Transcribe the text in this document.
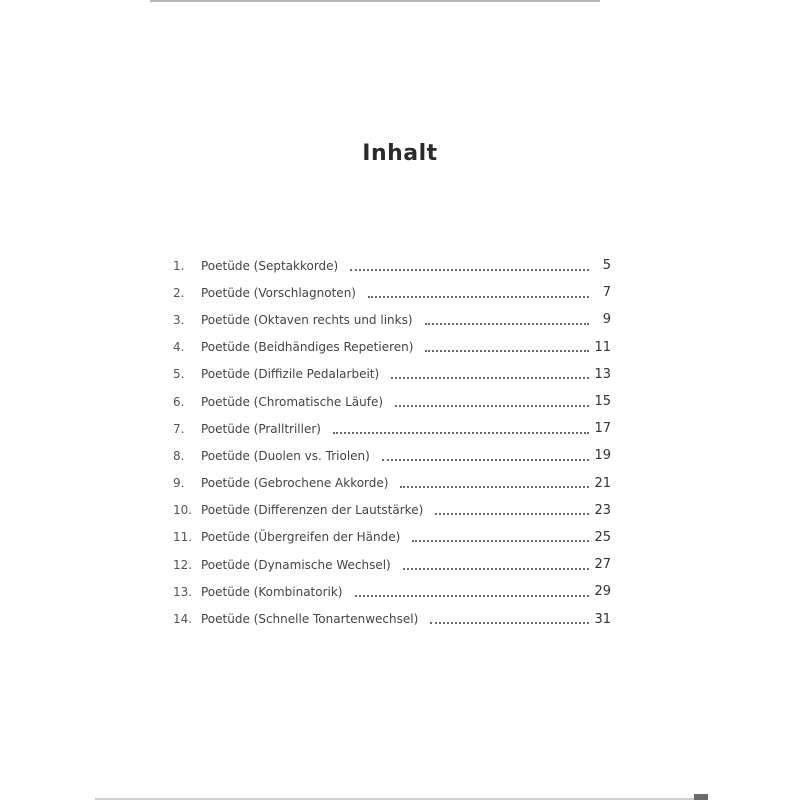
Inhalt
1.	Poetüde (Septakkorde)	5
2.	Poetüde (Vorschlagnoten)	7
3.	Poetüde (Oktaven rechts und links)	9
4.	Poetüde (Beidhändiges Repetieren)	11
5.	Poetüde (Diffizile Pedalarbeit)	13
6.	Poetüde (Chromatische Läufe)	15
7.	Poetüde (Pralltriller)	17
8.	Poetüde (Duolen vs. Triolen)	19
9.	Poetüde (Gebrochene Akkorde)	21
10. Poetüde (Differenzen der Lautstärke)	23
11. Poetüde (Übergreifen der Hände)	25
12. Poetüde (Dynamische Wechsel)	27
13. Poetüde (Kombinatorik)	29
14. Poetüde (Schnelle Tonartenwechsel)	31
